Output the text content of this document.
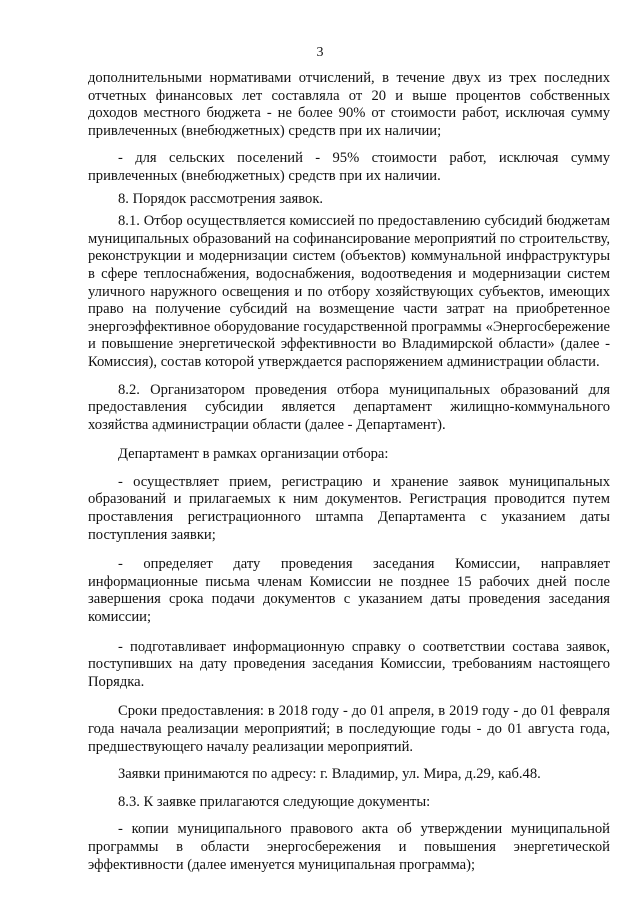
3

дополнительными нормативами отчислений, в течение двух из трех последних отчетных финансовых лет составляла от 20 и выше процентов собственных доходов местного бюджета - не более 90% от стоимости работ, исключая сумму привлеченных (внебюджетных) средств при их наличии;

- для сельских поселений - 95% стоимости работ, исключая сумму привлеченных (внебюджетных) средств при их наличии.

8. Порядок рассмотрения заявок.

8.1. Отбор осуществляется комиссией по предоставлению субсидий бюджетам муниципальных образований на софинансирование мероприятий по строительству, реконструкции и модернизации систем (объектов) коммунальной инфраструктуры в сфере теплоснабжения, водоснабжения, водоотведения и модернизации систем уличного наружного освещения и по отбору хозяйствующих субъектов, имеющих право на получение субсидий на возмещение части затрат на приобретенное энергоэффективное оборудование государственной программы «Энергосбережение и повышение энергетической эффективности во Владимирской области» (далее - Комиссия), состав которой утверждается распоряжением администрации области.

8.2. Организатором проведения отбора муниципальных образований для предоставления субсидии является департамент жилищно-коммунального хозяйства администрации области (далее - Департамент).

Департамент в рамках организации отбора:

- осуществляет прием, регистрацию и хранение заявок муниципальных образований и прилагаемых к ним документов. Регистрация проводится путем проставления регистрационного штампа Департамента с указанием даты поступления заявки;

- определяет дату проведения заседания Комиссии, направляет информационные письма членам Комиссии не позднее 15 рабочих дней после завершения срока подачи документов с указанием даты проведения заседания комиссии;

- подготавливает информационную справку о соответствии состава заявок, поступивших на дату проведения заседания Комиссии, требованиям настоящего Порядка.

Сроки предоставления: в 2018 году - до 01 апреля, в 2019 году - до 01 февраля года начала реализации мероприятий; в последующие годы - до 01 августа года, предшествующего началу реализации мероприятий.

Заявки принимаются по адресу: г. Владимир, ул. Мира, д.29, каб.48.

8.3. К заявке прилагаются следующие документы:

- копии муниципального правового акта об утверждении муниципальной программы в области энергосбережения и повышения энергетической эффективности (далее именуется муниципальная программа);
